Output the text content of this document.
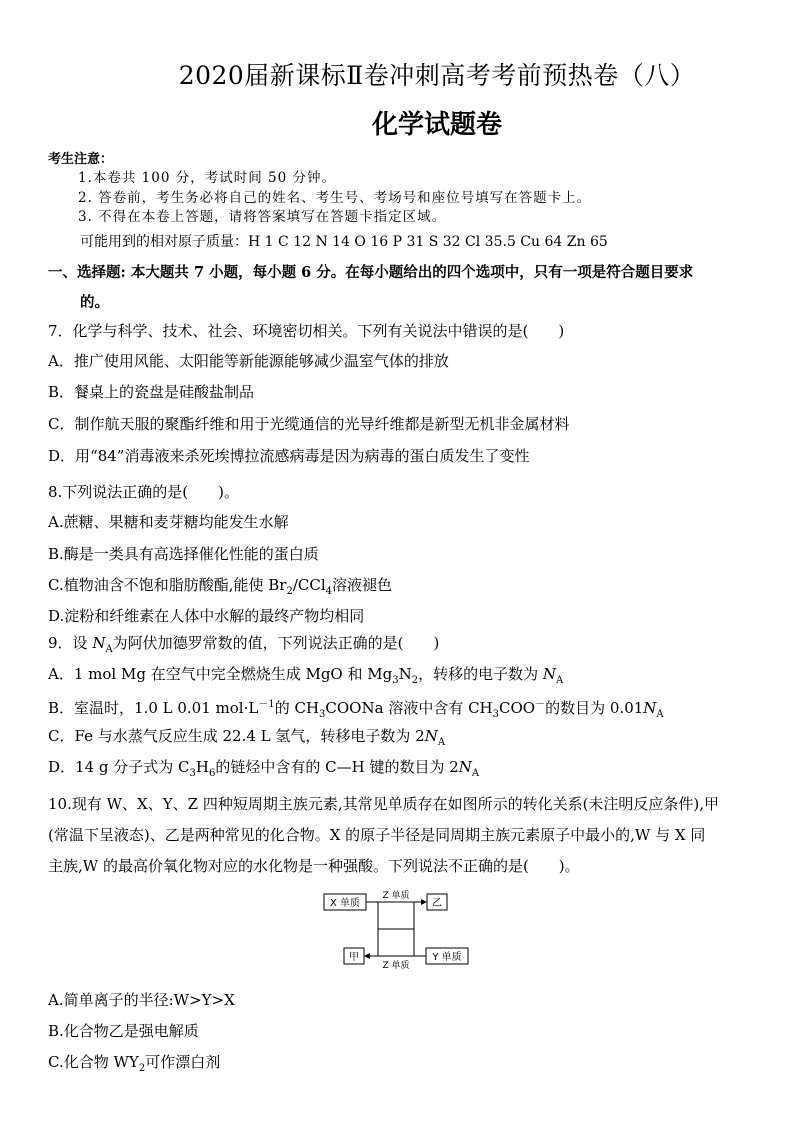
2020届新课标Ⅱ卷冲刺高考考前预热卷（八）
化学试题卷
考生注意：
1.本卷共 100 分，考试时间 50 分钟。
2. 答卷前，考生务必将自己的姓名、考生号、考场号和座位号填写在答题卡上。
3. 不得在本卷上答题，请将答案填写在答题卡指定区域。
可能用到的相对原子质量：H 1 C 12 N 14 O 16 P 31 S 32 Cl 35.5 Cu 64 Zn 65
一、选择题: 本大题共 7 小题，每小题 6 分。在每小题给出的四个选项中，只有一项是符合题目要求
的。
7．化学与科学、技术、社会、环境密切相关。下列有关说法中错误的是(　　)
A．推广使用风能、太阳能等新能源能够减少温室气体的排放
B．餐桌上的瓷盘是硅酸盐制品
C．制作航天服的聚酯纤维和用于光缆通信的光导纤维都是新型无机非金属材料
D．用“84”消毒液来杀死埃博拉流感病毒是因为病毒的蛋白质发生了变性
8.下列说法正确的是(　　)。
A.蔗糖、果糖和麦芽糖均能发生水解
B.酶是一类具有高选择催化性能的蛋白质
C.植物油含不饱和脂肪酸酯,能使 $Br_2/CCl_4$溶液褪色
D.淀粉和纤维素在人体中水解的最终产物均相同
9．设 $N_A$为阿伏加德罗常数的值，下列说法正确的是(　　)
A．1 mol Mg 在空气中完全燃烧生成 MgO 和 $Mg_3N_2$，转移的电子数为 $N_A$
B．室温时，1.0 L 0.01 $mol\cdot L^{-1}$的 $CH_3COONa$ 溶液中含有 $CH_3COO^-$的数目为 $0.01N_A$
C．Fe 与水蒸气反应生成 22.4 L 氢气，转移电子数为 $2N_A$
D．14 g 分子式为 $C_3H_6$的链烃中含有的 C—H 键的数目为 $2N_A$
10.现有 W、X、Y、Z 四种短周期主族元素,其常见单质存在如图所示的转化关系(未注明反应条件),甲
(常温下呈液态)、乙是两种常见的化合物。X 的原子半径是同周期主族元素原子中最小的,W 与 X 同
主族,W 的最高价氧化物对应的水化物是一种强酸。下列说法不正确的是(　　)。
X 单质	乙
甲	Y 单质
Z 单质
Z 单质
A.简单离子的半径:W>Y>X
B.化合物乙是强电解质
C.化合物 $WY_2$可作漂白剂
